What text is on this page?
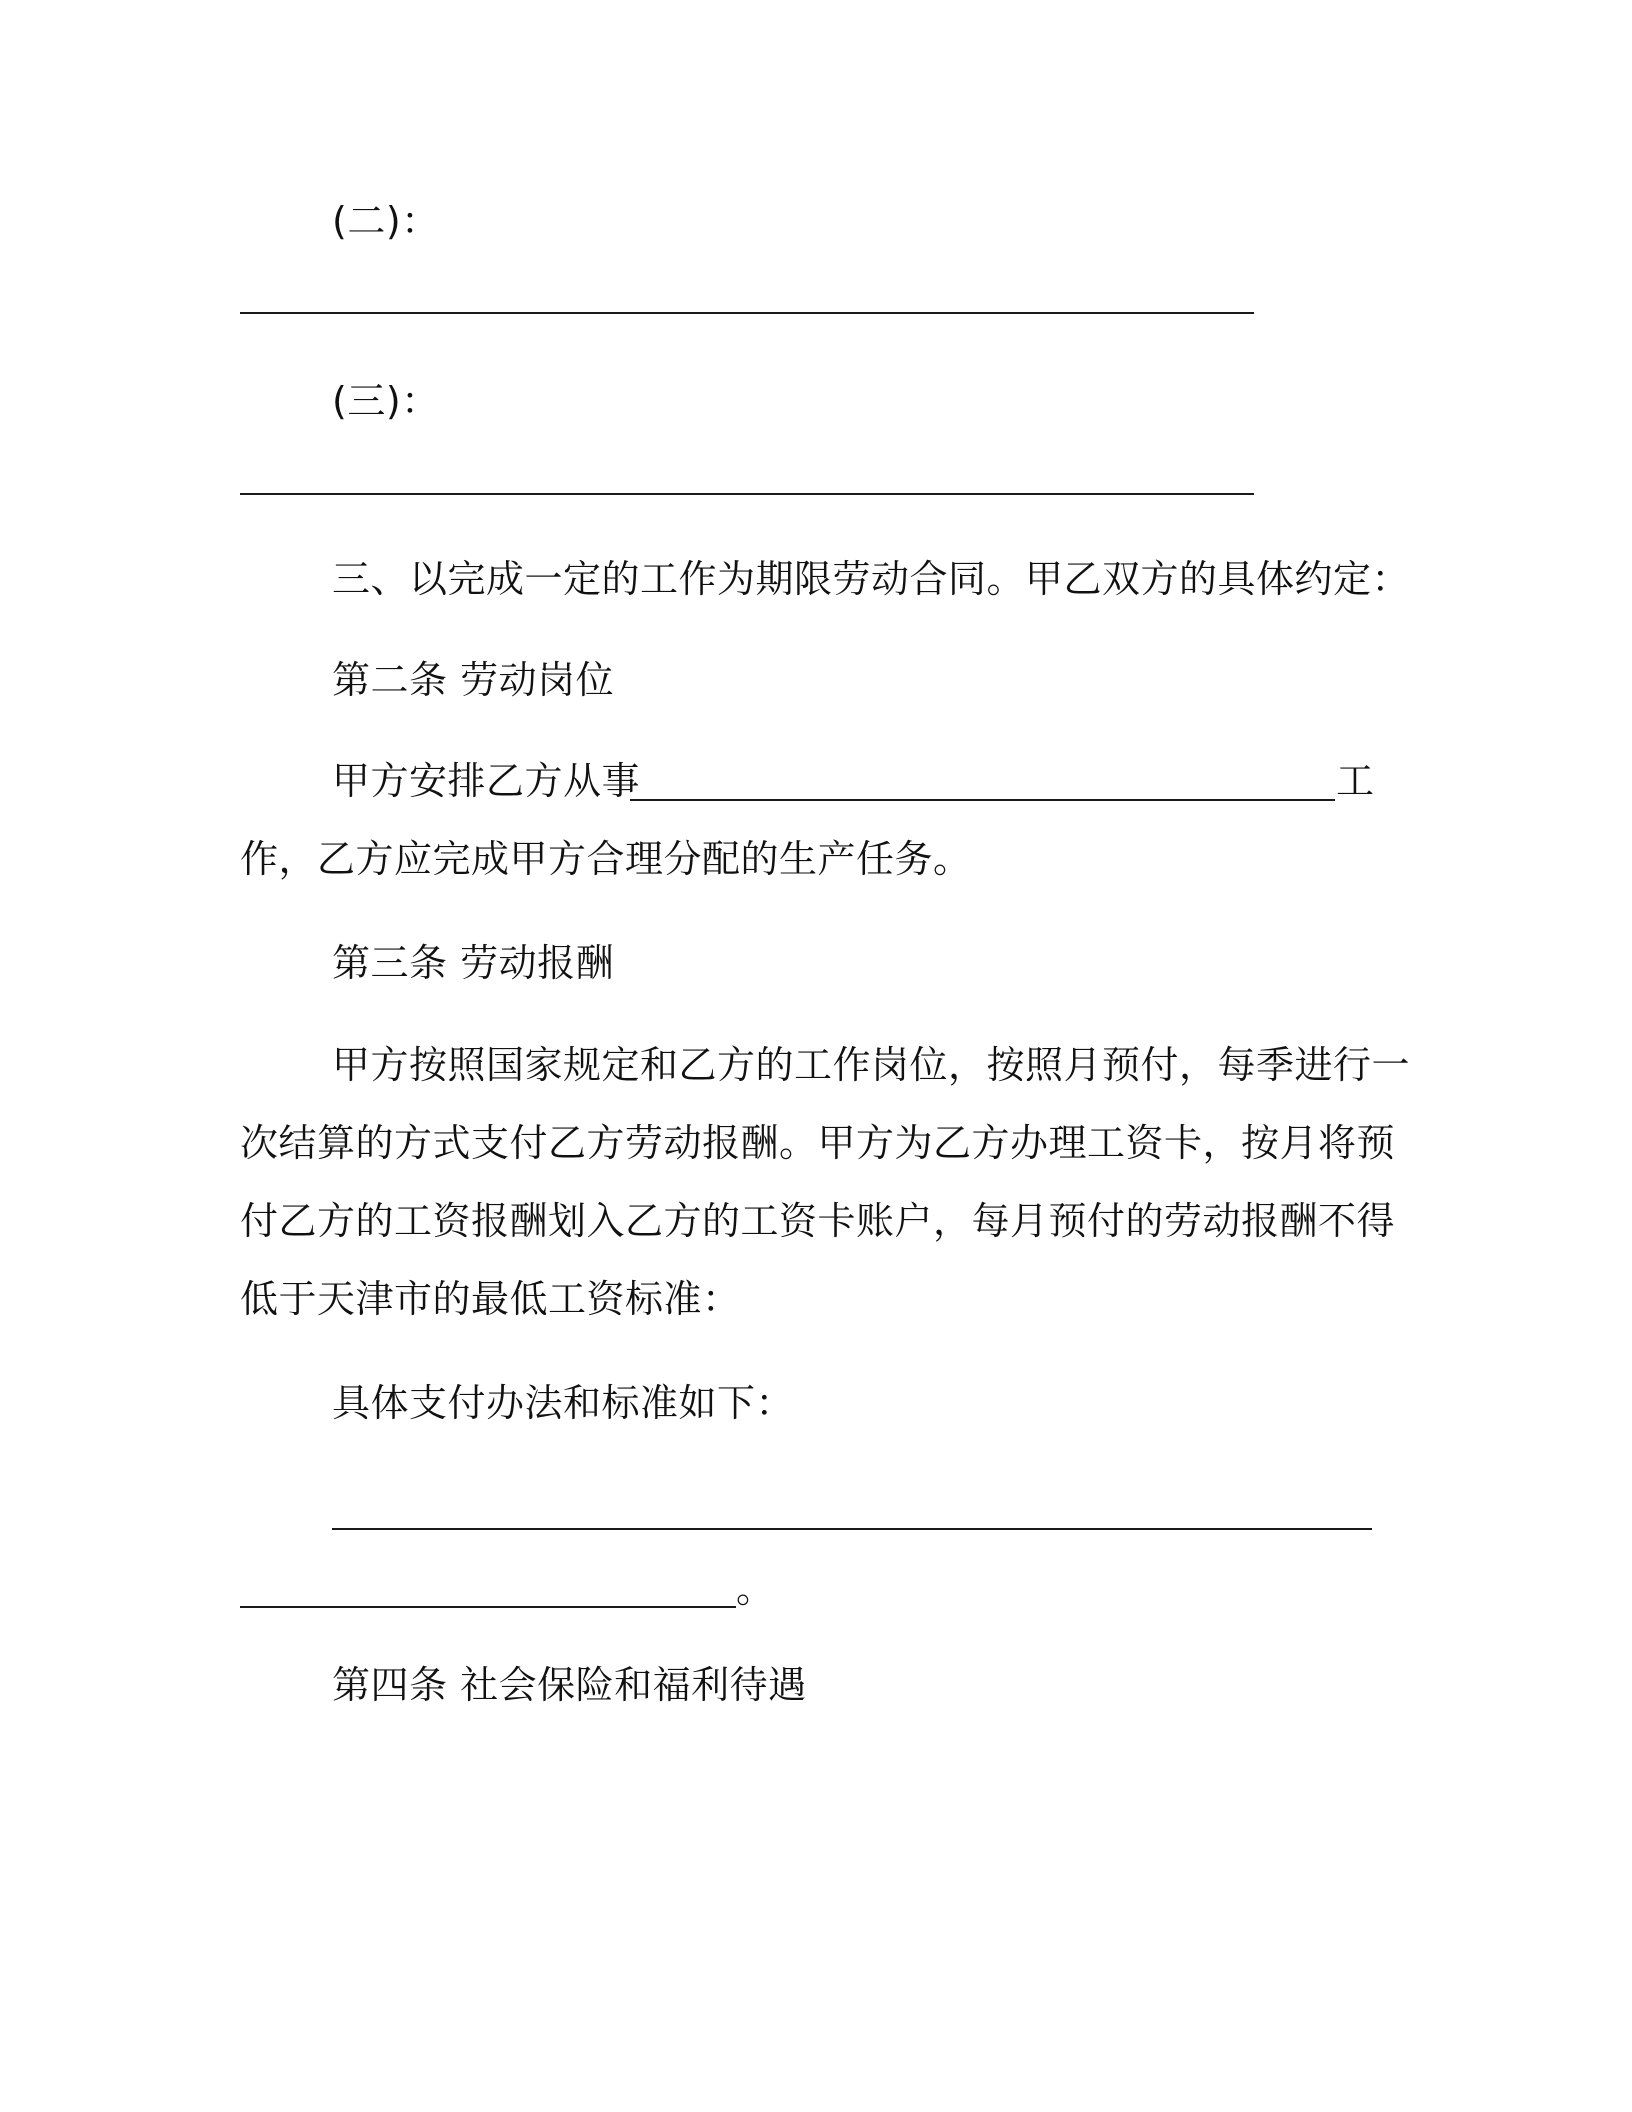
(二)：
(三)：
三、以完成一定的工作为期限劳动合同。甲乙双方的具体约定：
第二条 劳动岗位
甲方安排乙方从事	工
作，乙方应完成甲方合理分配的生产任务。
第三条 劳动报酬
甲方按照国家规定和乙方的工作岗位，按照月预付，每季进行一
次结算的方式支付乙方劳动报酬。甲方为乙方办理工资卡，按月将预
付乙方的工资报酬划入乙方的工资卡账户，每月预付的劳动报酬不得
低于天津市的最低工资标准：
具体支付办法和标准如下：
。
第四条 社会保险和福利待遇
